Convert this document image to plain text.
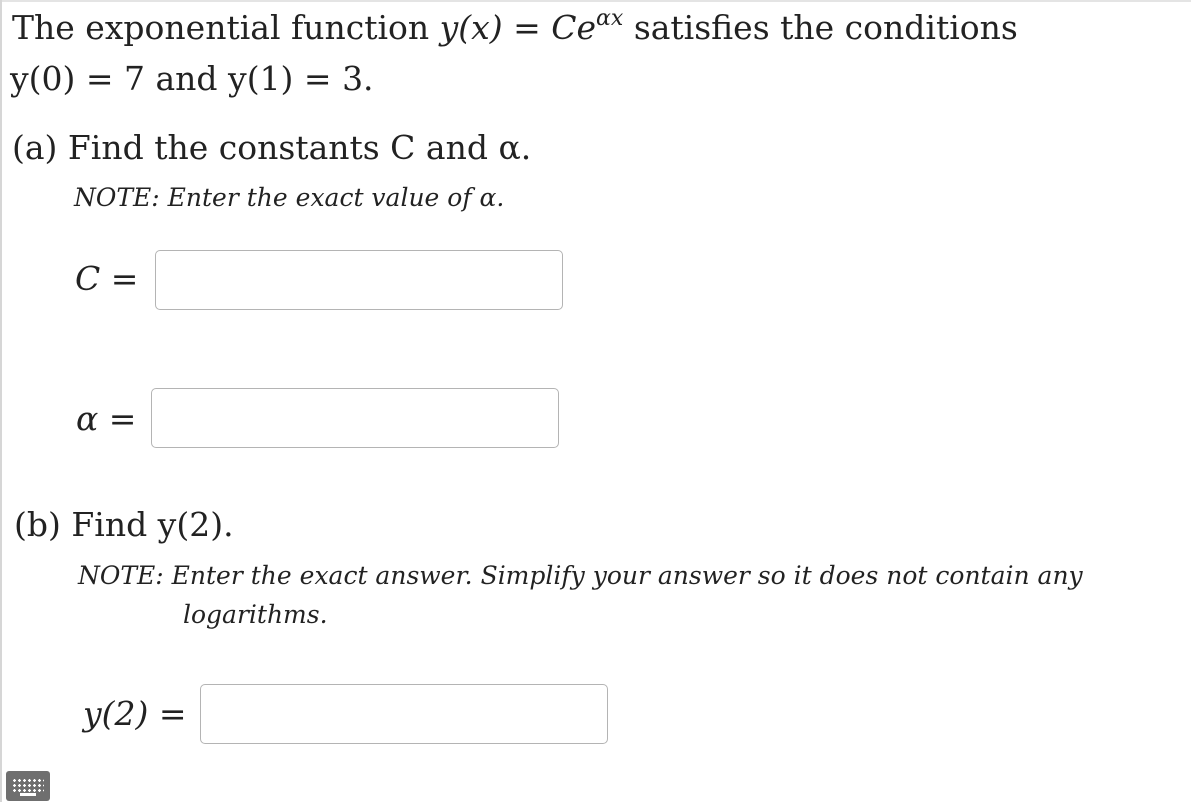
The exponential function $y(x) = Ce^{\alpha x}$ satisfies the conditions
y(0) = 7 and y(1) = 3.
(a) Find the constants C and α.
NOTE: Enter the exact value of α.
C =
α =
(b) Find y(2).
NOTE: Enter the exact answer. Simplify your answer so it does not contain any
logarithms.
y(2) =
